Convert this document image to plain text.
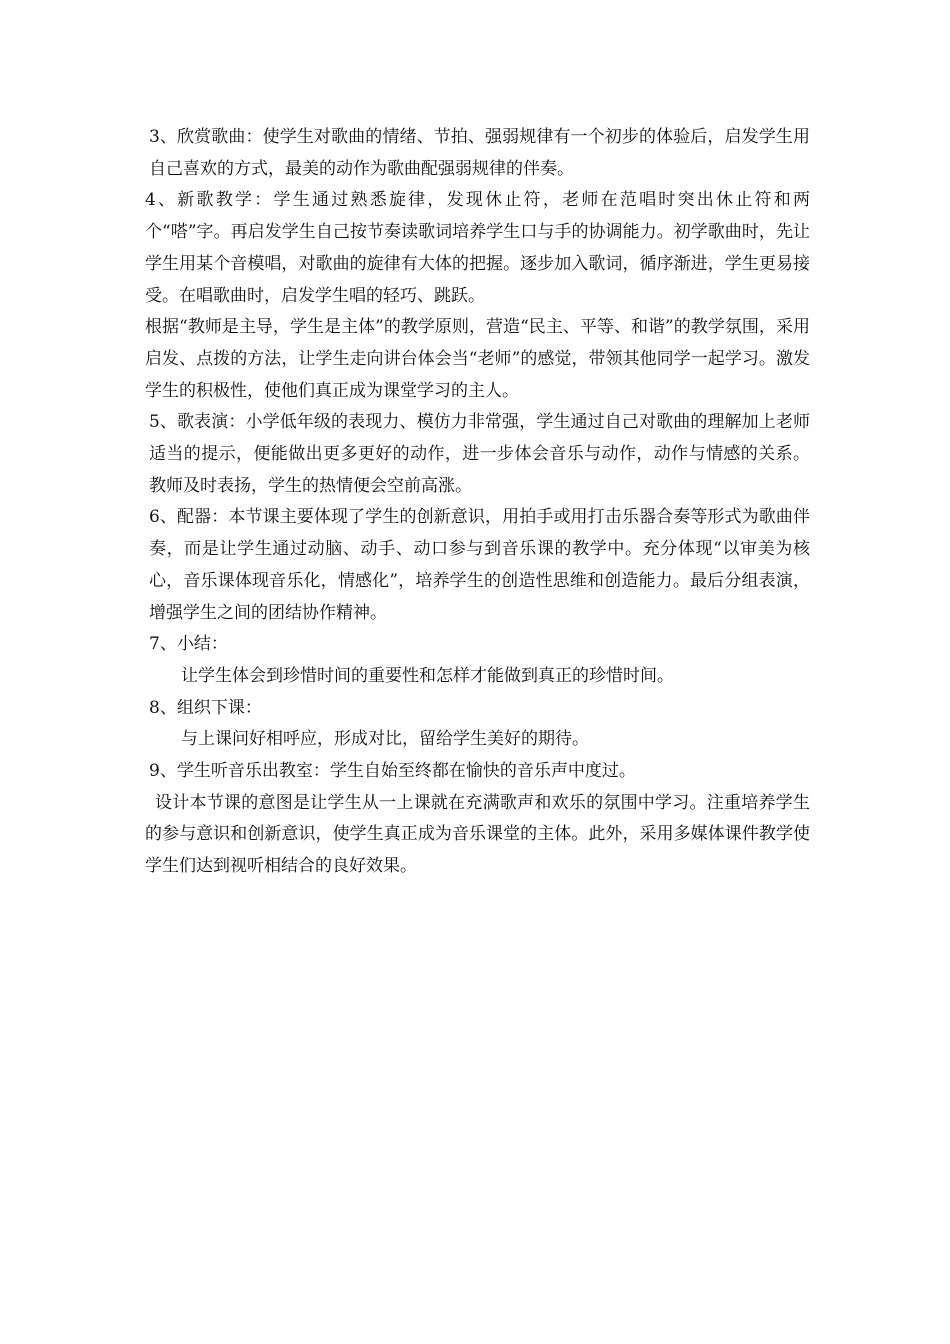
3、欣赏歌曲：使学生对歌曲的情绪、节拍、强弱规律有一个初步的体验后，启发学生用自己喜欢的方式，最美的动作为歌曲配强弱规律的伴奏。

4、新歌教学：学生通过熟悉旋律，发现休止符，老师在范唱时突出休止符和两个“嗒”字。再启发学生自己按节奏读歌词培养学生口与手的协调能力。初学歌曲时，先让学生用某个音模唱，对歌曲的旋律有大体的把握。逐步加入歌词，循序渐进，学生更易接受。在唱歌曲时，启发学生唱的轻巧、跳跃。

根据“教师是主导，学生是主体”的教学原则，营造“民主、平等、和谐”的教学氛围，采用启发、点拨的方法，让学生走向讲台体会当“老师”的感觉，带领其他同学一起学习。激发学生的积极性，使他们真正成为课堂学习的主人。

5、歌表演：小学低年级的表现力、模仿力非常强，学生通过自己对歌曲的理解加上老师适当的提示，便能做出更多更好的动作，进一步体会音乐与动作，动作与情感的关系。教师及时表扬，学生的热情便会空前高涨。

6、配器：本节课主要体现了学生的创新意识，用拍手或用打击乐器合奏等形式为歌曲伴奏，而是让学生通过动脑、动手、动口参与到音乐课的教学中。充分体现“以审美为核心，音乐课体现音乐化，情感化”，培养学生的创造性思维和创造能力。最后分组表演，增强学生之间的团结协作精神。

7、小结：

让学生体会到珍惜时间的重要性和怎样才能做到真正的珍惜时间。

8、组织下课：

与上课问好相呼应，形成对比，留给学生美好的期待。

9、学生听音乐出教室：学生自始至终都在愉快的音乐声中度过。

设计本节课的意图是让学生从一上课就在充满歌声和欢乐的氛围中学习。注重培养学生的参与意识和创新意识，使学生真正成为音乐课堂的主体。此外，采用多媒体课件教学使学生们达到视听相结合的良好效果。
